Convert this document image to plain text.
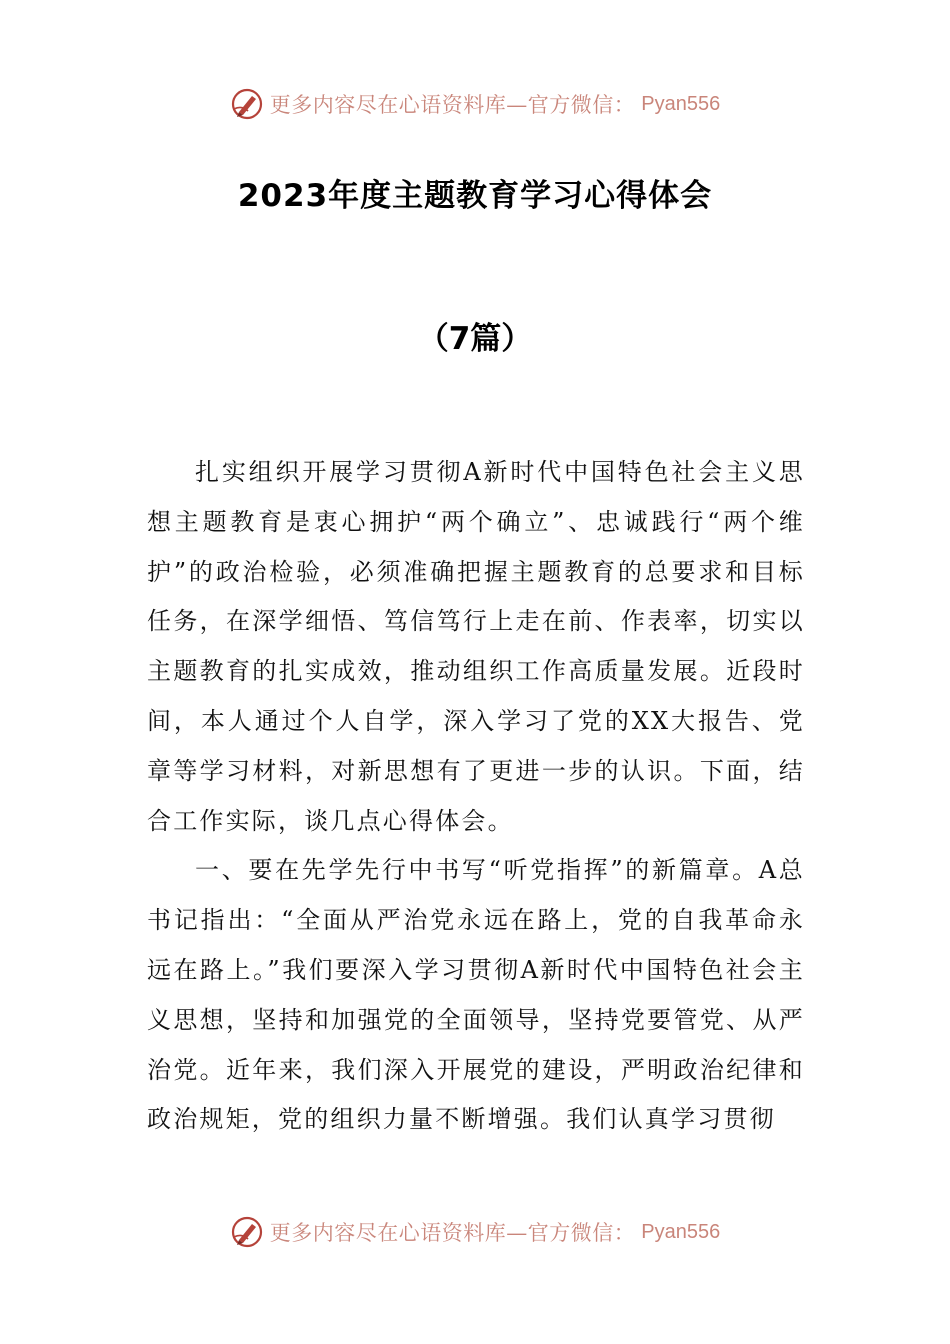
更多内容尽在心语资料库—官方微信： Pyan556
2023年度主题教育学习心得体会
（7篇）

扎实组织开展学习贯彻A新时代中国特色社会主义思想主题教育是衷心拥护“两个确立”、忠诚践行“两个维护”的政治检验，必须准确把握主题教育的总要求和目标任务，在深学细悟、笃信笃行上走在前、作表率，切实以主题教育的扎实成效，推动组织工作高质量发展。近段时间，本人通过个人自学，深入学习了党的XX大报告、党章等学习材料，对新思想有了更进一步的认识。下面，结合工作实际，谈几点心得体会。

一、要在先学先行中书写“听党指挥”的新篇章。A总书记指出：“全面从严治党永远在路上，党的自我革命永远在路上。”我们要深入学习贯彻A新时代中国特色社会主义思想，坚持和加强党的全面领导，坚持党要管党、从严治党。近年来，我们深入开展党的建设，严明政治纪律和政治规矩，党的组织力量不断增强。我们认真学习贯彻

更多内容尽在心语资料库—官方微信： Pyan556
